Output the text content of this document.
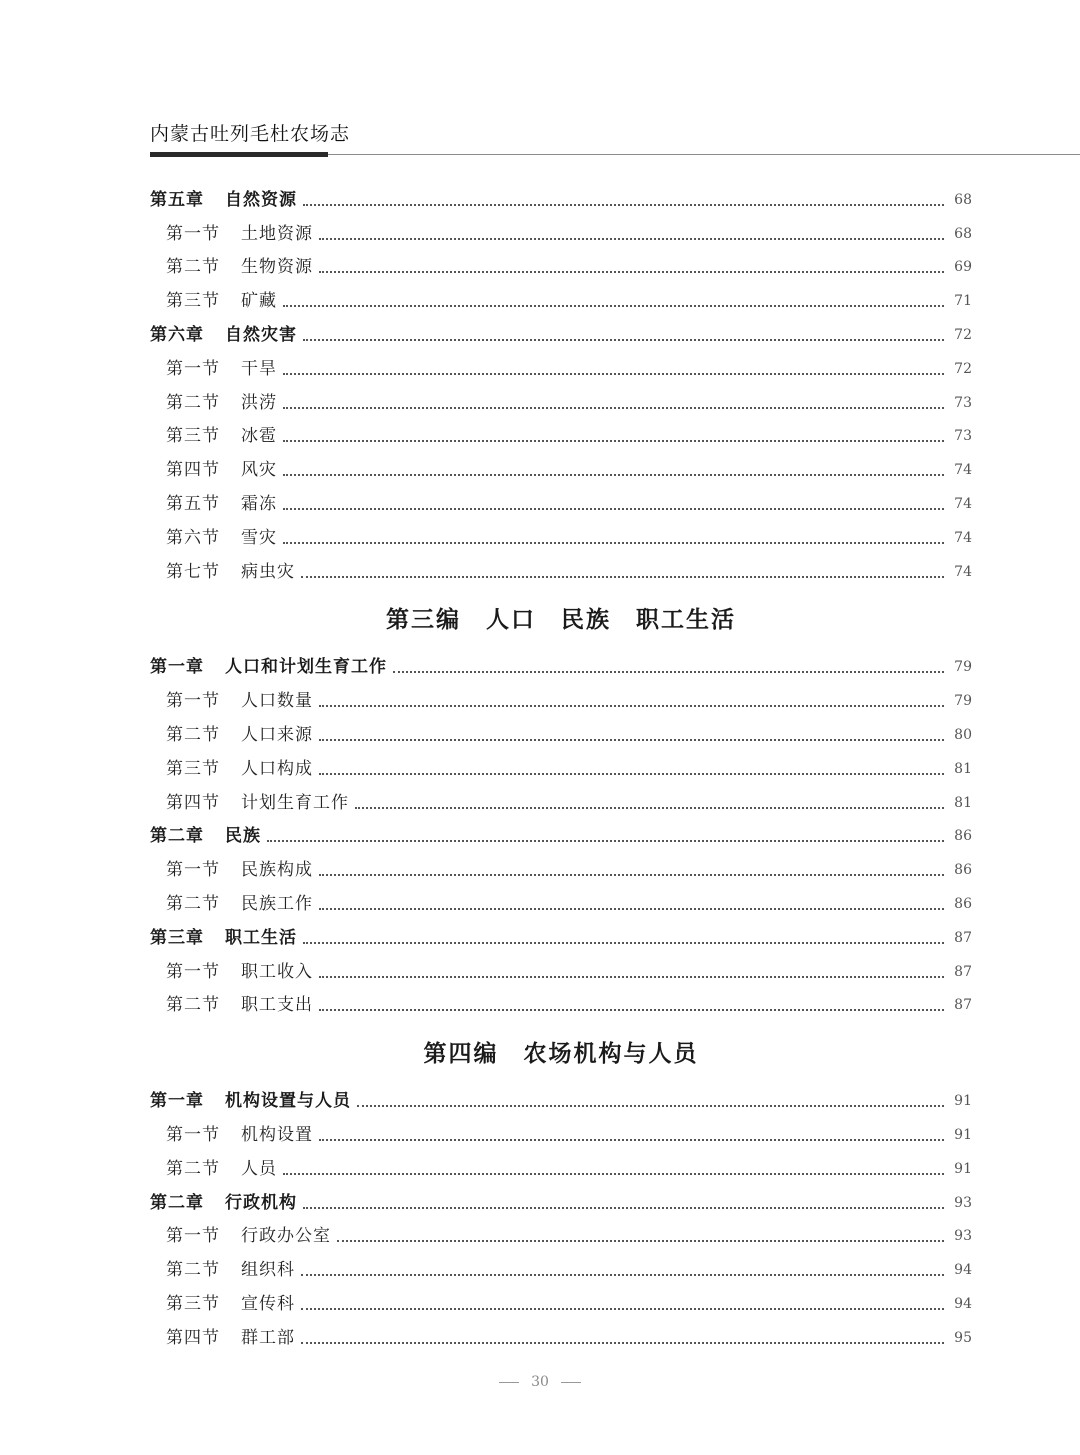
内蒙古吐列毛杜农场志
第五章 自然资源	68
第一节 土地资源	68
第二节 生物资源	69
第三节 矿藏	71
第六章 自然灾害	72
第一节 干旱	72
第二节 洪涝	73
第三节 冰雹	73
第四节 风灾	74
第五节 霜冻	74
第六节 雪灾	74
第七节 病虫灾	74
第三编　人口　民族　职工生活
第一章 人口和计划生育工作	79
第一节 人口数量	79
第二节 人口来源	80
第三节 人口构成	81
第四节 计划生育工作	81
第二章 民族	86
第一节 民族构成	86
第二节 民族工作	86
第三章 职工生活	87
第一节 职工收入	87
第二节 职工支出	87
第四编　农场机构与人员
第一章 机构设置与人员	91
第一节 机构设置	91
第二节 人员	91
第二章 行政机构	93
第一节 行政办公室	93
第二节 组织科	94
第三节 宣传科	94
第四节 群工部	95
30
